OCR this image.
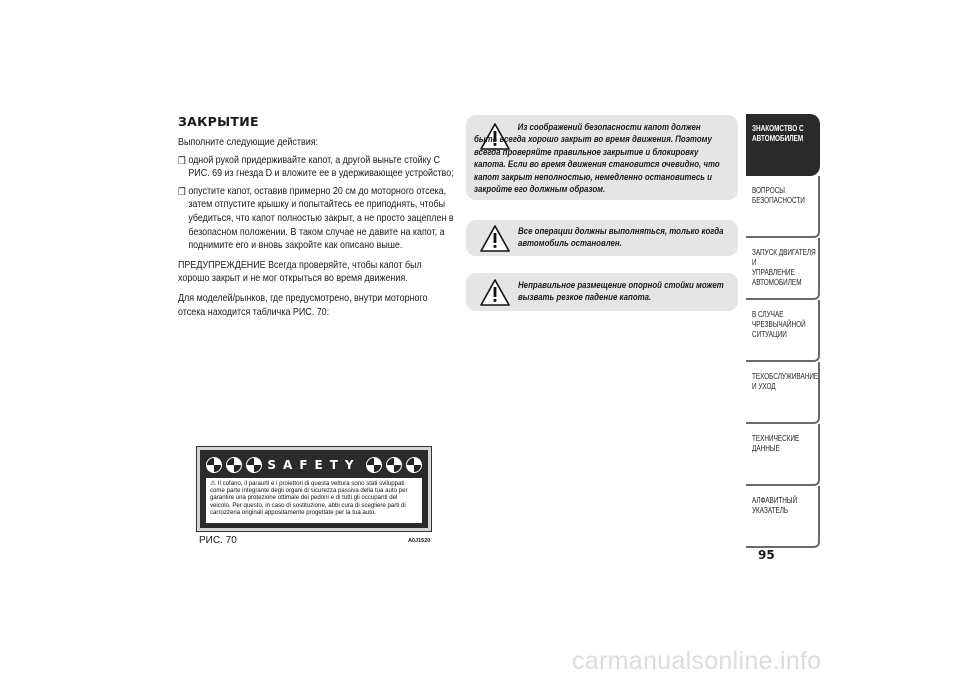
ЗАКРЫТИЕ
Выполните следующие действия:
❒ одной рукой придерживайте капот, а другой выньте стойку С РИС. 69 из гнезда D и вложите ее в удерживающее устройство;
❒ опустите капот, оставив примерно 20 см до моторного отсека, затем отпустите крышку и попытайтесь ее приподнять, чтобы убедиться, что капот полностью закрыт, а не просто зацеплен в безопасном положении. В таком случае не давите на капот, а поднимите его и вновь закройте как описано выше.
ПРЕДУПРЕЖДЕНИЕ Всегда проверяйте, чтобы капот был хорошо закрыт и не мог открыться во время движения.
Для моделей/рынков, где предусмотрено, внутри моторного отсека находится табличка РИС. 70:
Из соображений безопасности капот должен быть всегда хорошо закрыт во время движения. Поэтому всегда проверяйте правильное закрытие и блокировку капота. Если во время движения становится очевидно, что капот закрыт неполностью, немедленно остановитесь и закройте его должным образом.
Все операции должны выполняться, только когда автомобиль остановлен.
Неправильное размещение опорной стойки может вызвать резкое падение капота.
SAFETY
⚠ Il cofano, il paraurti e i proiettori di questa vettura sono stati sviluppati come parte integrante degli organi di sicurezza passiva della tua auto per garantire una protezione ottimale dei pedoni e di tutti gli occupanti del veicolo. Per questo, in caso di sostituzione, abbi cura di scegliere parti di carrozzeria originali appositamente progettate per la tua auto.
РИС. 70	A0J1520
ЗНАКОМСТВО С
АВТОМОБИЛЕМ
ВОПРОСЫ
БЕЗОПАСНОСТИ
ЗАПУСК ДВИГАТЕЛЯ И
УПРАВЛЕНИЕ
АВТОМОБИЛЕМ
В СЛУЧАЕ
ЧРЕЗВЫЧАЙНОЙ
СИТУАЦИИ
ТЕХОБСЛУЖИВАНИЕ
И УХОД
ТЕХНИЧЕСКИЕ
ДАННЫЕ
АЛФАВИТНЫЙ
УКАЗАТЕЛЬ
95
carmanualsonline.info
